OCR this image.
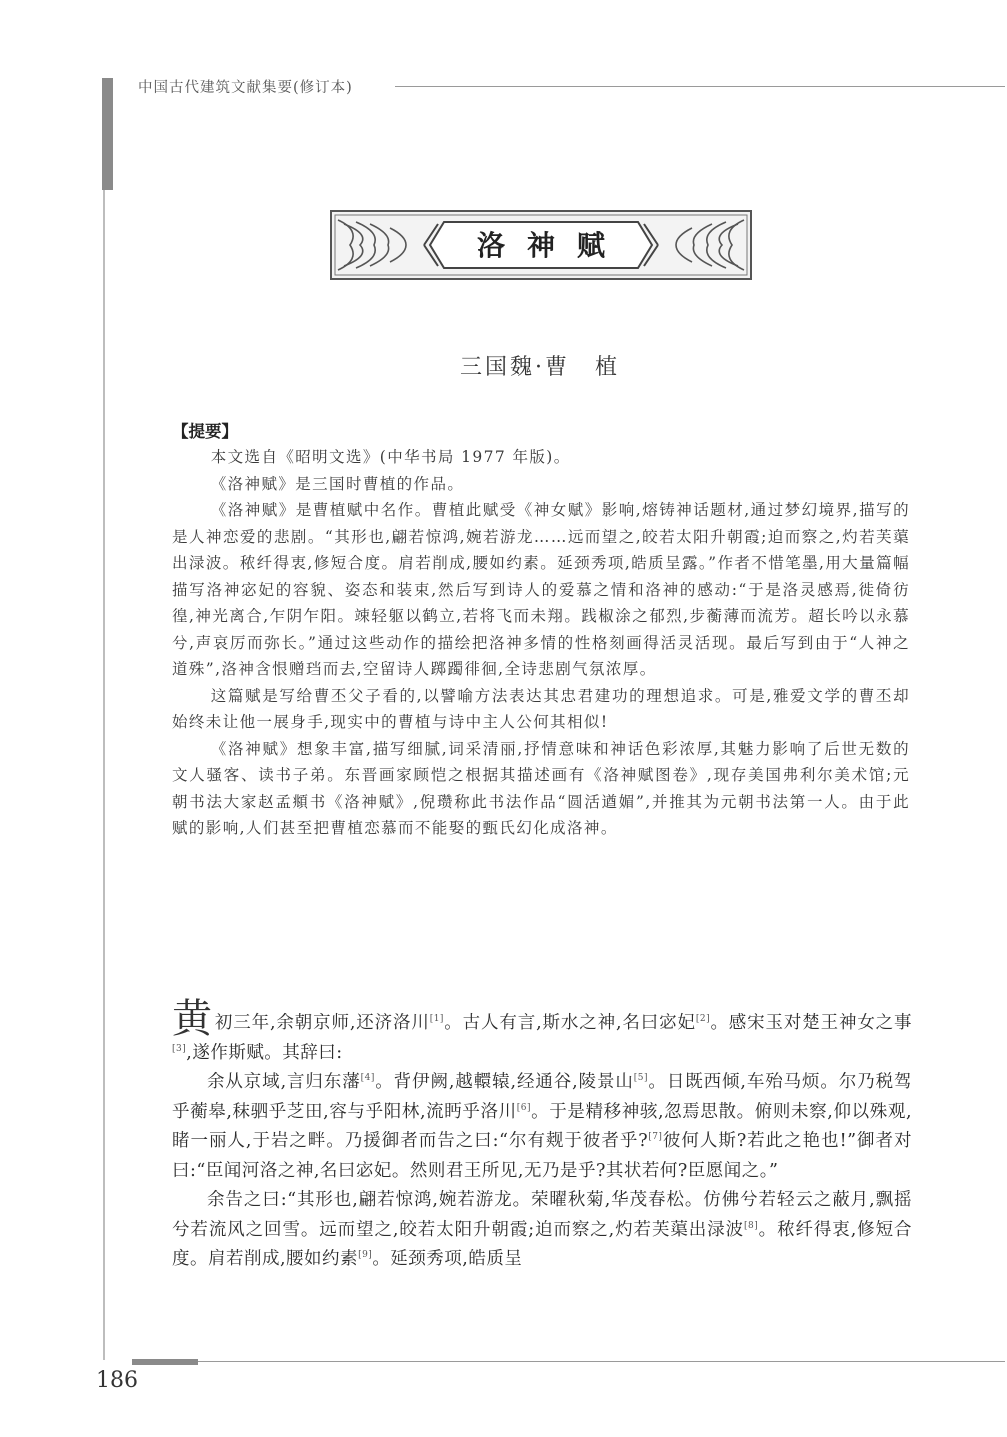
中国古代建筑文献集要(修订本)
洛神赋
三国魏·曹　植
【提要】

本文选自《昭明文选》(中华书局 1977 年版)。

《洛神赋》是三国时曹植的作品。

《洛神赋》是曹植赋中名作。曹植此赋受《神女赋》影响,熔铸神话题材,通过梦幻境界,描写的是人神恋爱的悲剧。“其形也,翩若惊鸿,婉若游龙……远而望之,皎若太阳升朝霞;迫而察之,灼若芙蕖出渌波。秾纤得衷,修短合度。肩若削成,腰如约素。延颈秀项,皓质呈露。”作者不惜笔墨,用大量篇幅描写洛神宓妃的容貌、姿态和装束,然后写到诗人的爱慕之情和洛神的感动:“于是洛灵感焉,徙倚彷徨,神光离合,乍阴乍阳。竦轻躯以鹤立,若将飞而未翔。践椒涂之郁烈,步蘅薄而流芳。超长吟以永慕兮,声哀厉而弥长。”通过这些动作的描绘把洛神多情的性格刻画得活灵活现。最后写到由于“人神之道殊”,洛神含恨赠珰而去,空留诗人踯躅徘徊,全诗悲剧气氛浓厚。

这篇赋是写给曹丕父子看的,以譬喻方法表达其忠君建功的理想追求。可是,雅爱文学的曹丕却始终未让他一展身手,现实中的曹植与诗中主人公何其相似!

《洛神赋》想象丰富,描写细腻,词采清丽,抒情意味和神话色彩浓厚,其魅力影响了后世无数的文人骚客、读书子弟。东晋画家顾恺之根据其描述画有《洛神赋图卷》,现存美国弗利尔美术馆;元朝书法大家赵孟頫书《洛神赋》,倪瓒称此书法作品“圆活遒媚”,并推其为元朝书法第一人。由于此赋的影响,人们甚至把曹植恋慕而不能娶的甄氏幻化成洛神。

黄初三年,余朝京师,还济洛川[1]。古人有言,斯水之神,名曰宓妃[2]。感宋玉对楚王神女之事[3],遂作斯赋。其辞曰:

余从京域,言归东藩[4]。背伊阙,越轘辕,经通谷,陵景山[5]。日既西倾,车殆马烦。尔乃税驾乎蘅皋,秣驷乎芝田,容与乎阳林,流眄乎洛川[6]。于是精移神骇,忽焉思散。俯则未察,仰以殊观,睹一丽人,于岩之畔。乃援御者而告之曰:“尔有觌于彼者乎?[7]彼何人斯?若此之艳也!”御者对曰:“臣闻河洛之神,名曰宓妃。然则君王所见,无乃是乎?其状若何?臣愿闻之。”

余告之曰:“其形也,翩若惊鸿,婉若游龙。荣曜秋菊,华茂春松。仿佛兮若轻云之蔽月,飘摇兮若流风之回雪。远而望之,皎若太阳升朝霞;迫而察之,灼若芙蕖出渌波[8]。秾纤得衷,修短合度。肩若削成,腰如约素[9]。延颈秀项,皓质呈

186
